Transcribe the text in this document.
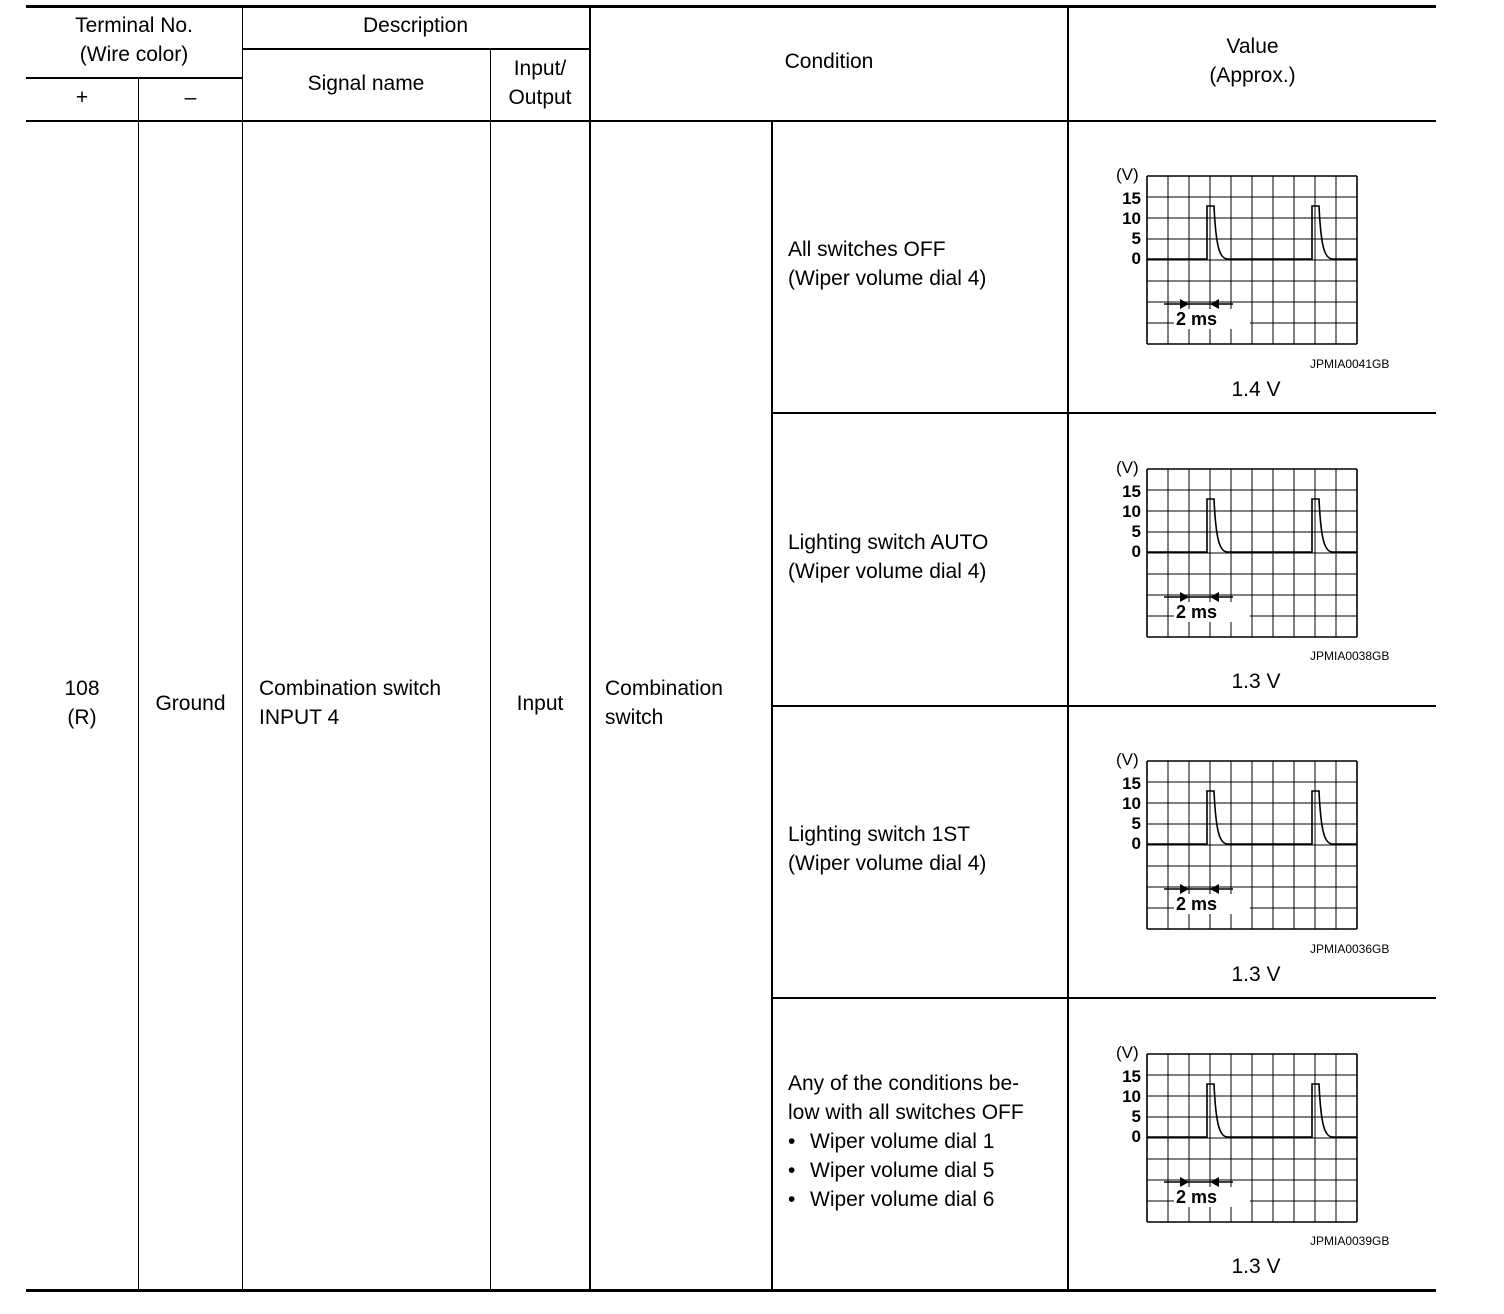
Terminal No.
(Wire color)
+	–
Description
Signal name
Input/
Output
Condition
Value
(Approx.)
108
(R)
Ground
Combination switch
INPUT 4
Input
Combination
switch
All switches OFF
(Wiper volume dial 4)
Lighting switch AUTO
(Wiper volume dial 4)
Lighting switch 1ST
(Wiper volume dial 4)
Any of the conditions be-
low with all switches OFF
• Wiper volume dial 1
• Wiper volume dial 5
• Wiper volume dial 6
(V)
15
10
5
0
2 ms
JPMIA0041GB
1.4 V
(V)
15
10
5
0
2 ms
JPMIA0038GB
1.3 V
(V)
15
10
5
0
2 ms
JPMIA0036GB
1.3 V
(V)
15
10
5
0
2 ms
JPMIA0039GB
1.3 V
